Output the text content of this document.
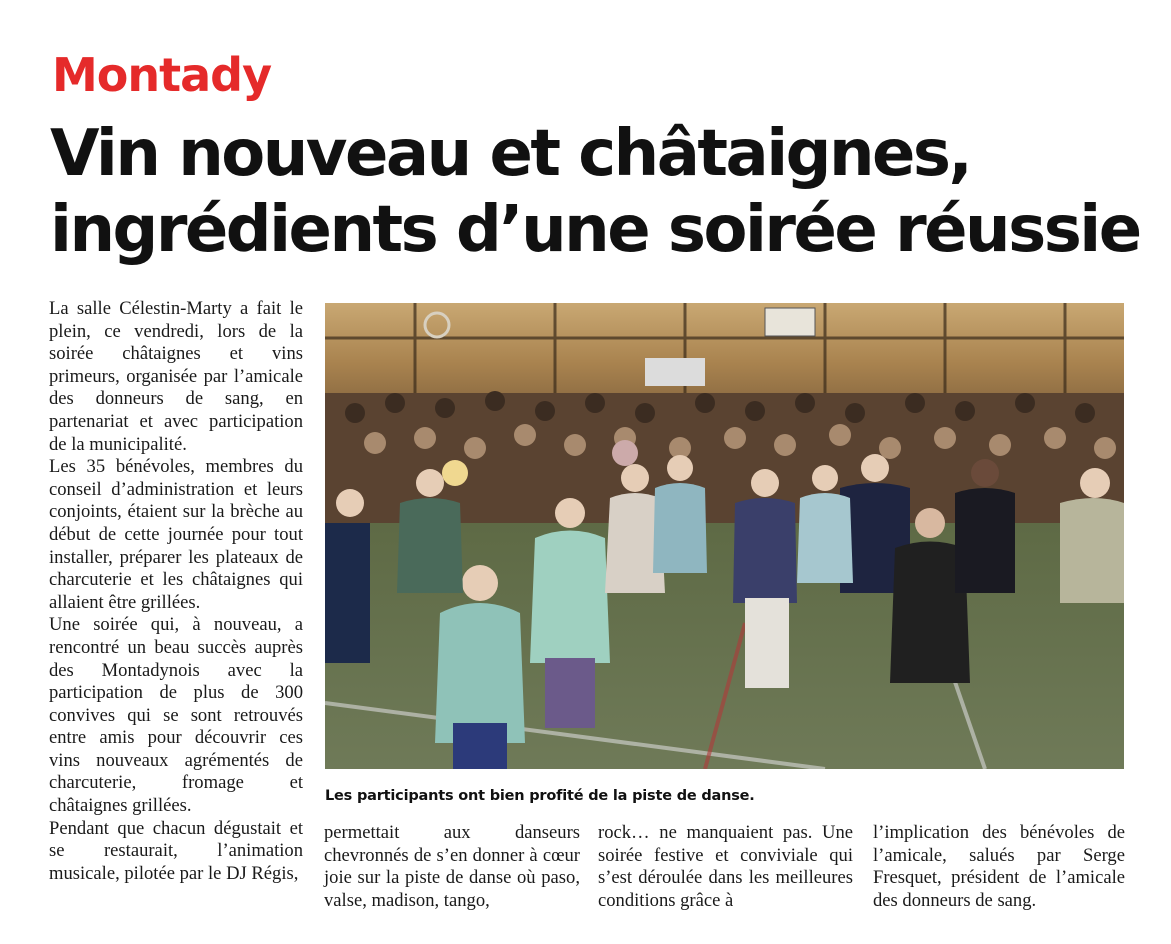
Montady
Vin nouveau et châtaignes,
ingrédients d’une soirée réussie

La salle Célestin-Marty a fait le plein, ce vendredi, lors de la soirée châtaignes et vins primeurs, organisée par l’amicale des donneurs de sang, en partenariat et avec participation de la municipalité.

Les 35 bénévoles, membres du conseil d’administration et leurs conjoints, étaient sur la brèche au début de cette journée pour tout installer, préparer les plateaux de charcuterie et les châtaignes qui allaient être grillées.

Une soirée qui, à nouveau, a rencontré un beau succès auprès des Montadynois avec la participation de plus de 300 convives qui se sont retrouvés entre amis pour découvrir ces vins nouveaux agrémentés de charcuterie, fromage et châtaignes grillées.

Pendant que chacun dégustait et se restaurait, l’animation musicale, pilotée par le DJ Régis,

Les participants ont bien profité de la piste de danse.

permettait aux danseurs chevronnés de s’en donner à cœur joie sur la piste de danse où paso, valse, madison, tango,

rock… ne manquaient pas. Une soirée festive et conviviale qui s’est déroulée dans les meilleures conditions grâce à

l’implication des bénévoles de l’amicale, salués par Serge Fresquet, président de l’amicale des donneurs de sang.
